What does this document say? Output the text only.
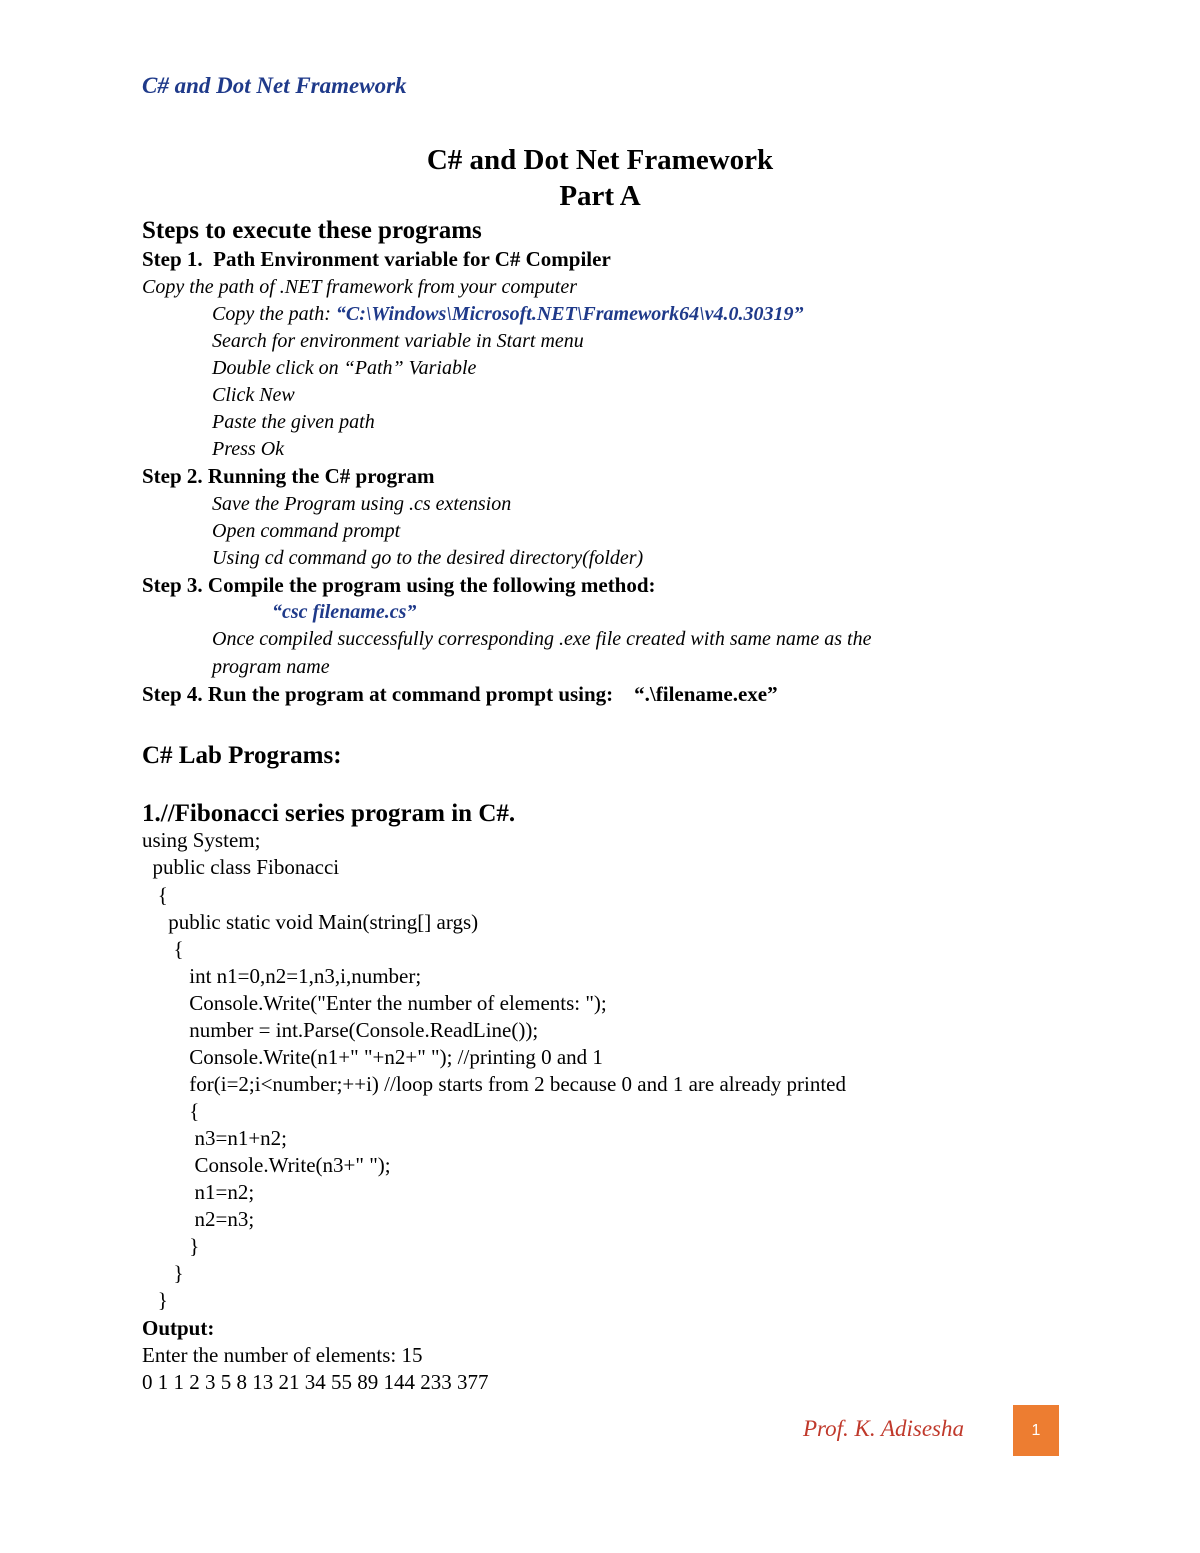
C# and Dot Net Framework
C# and Dot Net Framework
Part A
Steps to execute these programs
Step 1.  Path Environment variable for C# Compiler
Copy the path of .NET framework from your computer
Copy the path: “C:\Windows\Microsoft.NET\Framework64\v4.0.30319”
Search for environment variable in Start menu
Double click on “Path” Variable
Click New
Paste the given path
Press Ok
Step 2. Running the C# program
Save the Program using .cs extension
Open command prompt
Using cd command go to the desired directory(folder)
Step 3. Compile the program using the following method:
“csc filename.cs”
Once compiled successfully corresponding .exe file created with same name as the
program name
Step 4. Run the program at command prompt using:    “.\filename.exe”
C# Lab Programs:
1.//Fibonacci series program in C#.
using System;
public class Fibonacci
{
public static void Main(string[] args)
{
int n1=0,n2=1,n3,i,number;
Console.Write("Enter the number of elements: ");
number = int.Parse(Console.ReadLine());
Console.Write(n1+" "+n2+" "); //printing 0 and 1
for(i=2;i<number;++i) //loop starts from 2 because 0 and 1 are already printed
{
n3=n1+n2;
Console.Write(n3+" ");
n1=n2;
n2=n3;
}
}
}
Output:
Enter the number of elements: 15
0 1 1 2 3 5 8 13 21 34 55 89 144 233 377
Prof. K. Adisesha	1
